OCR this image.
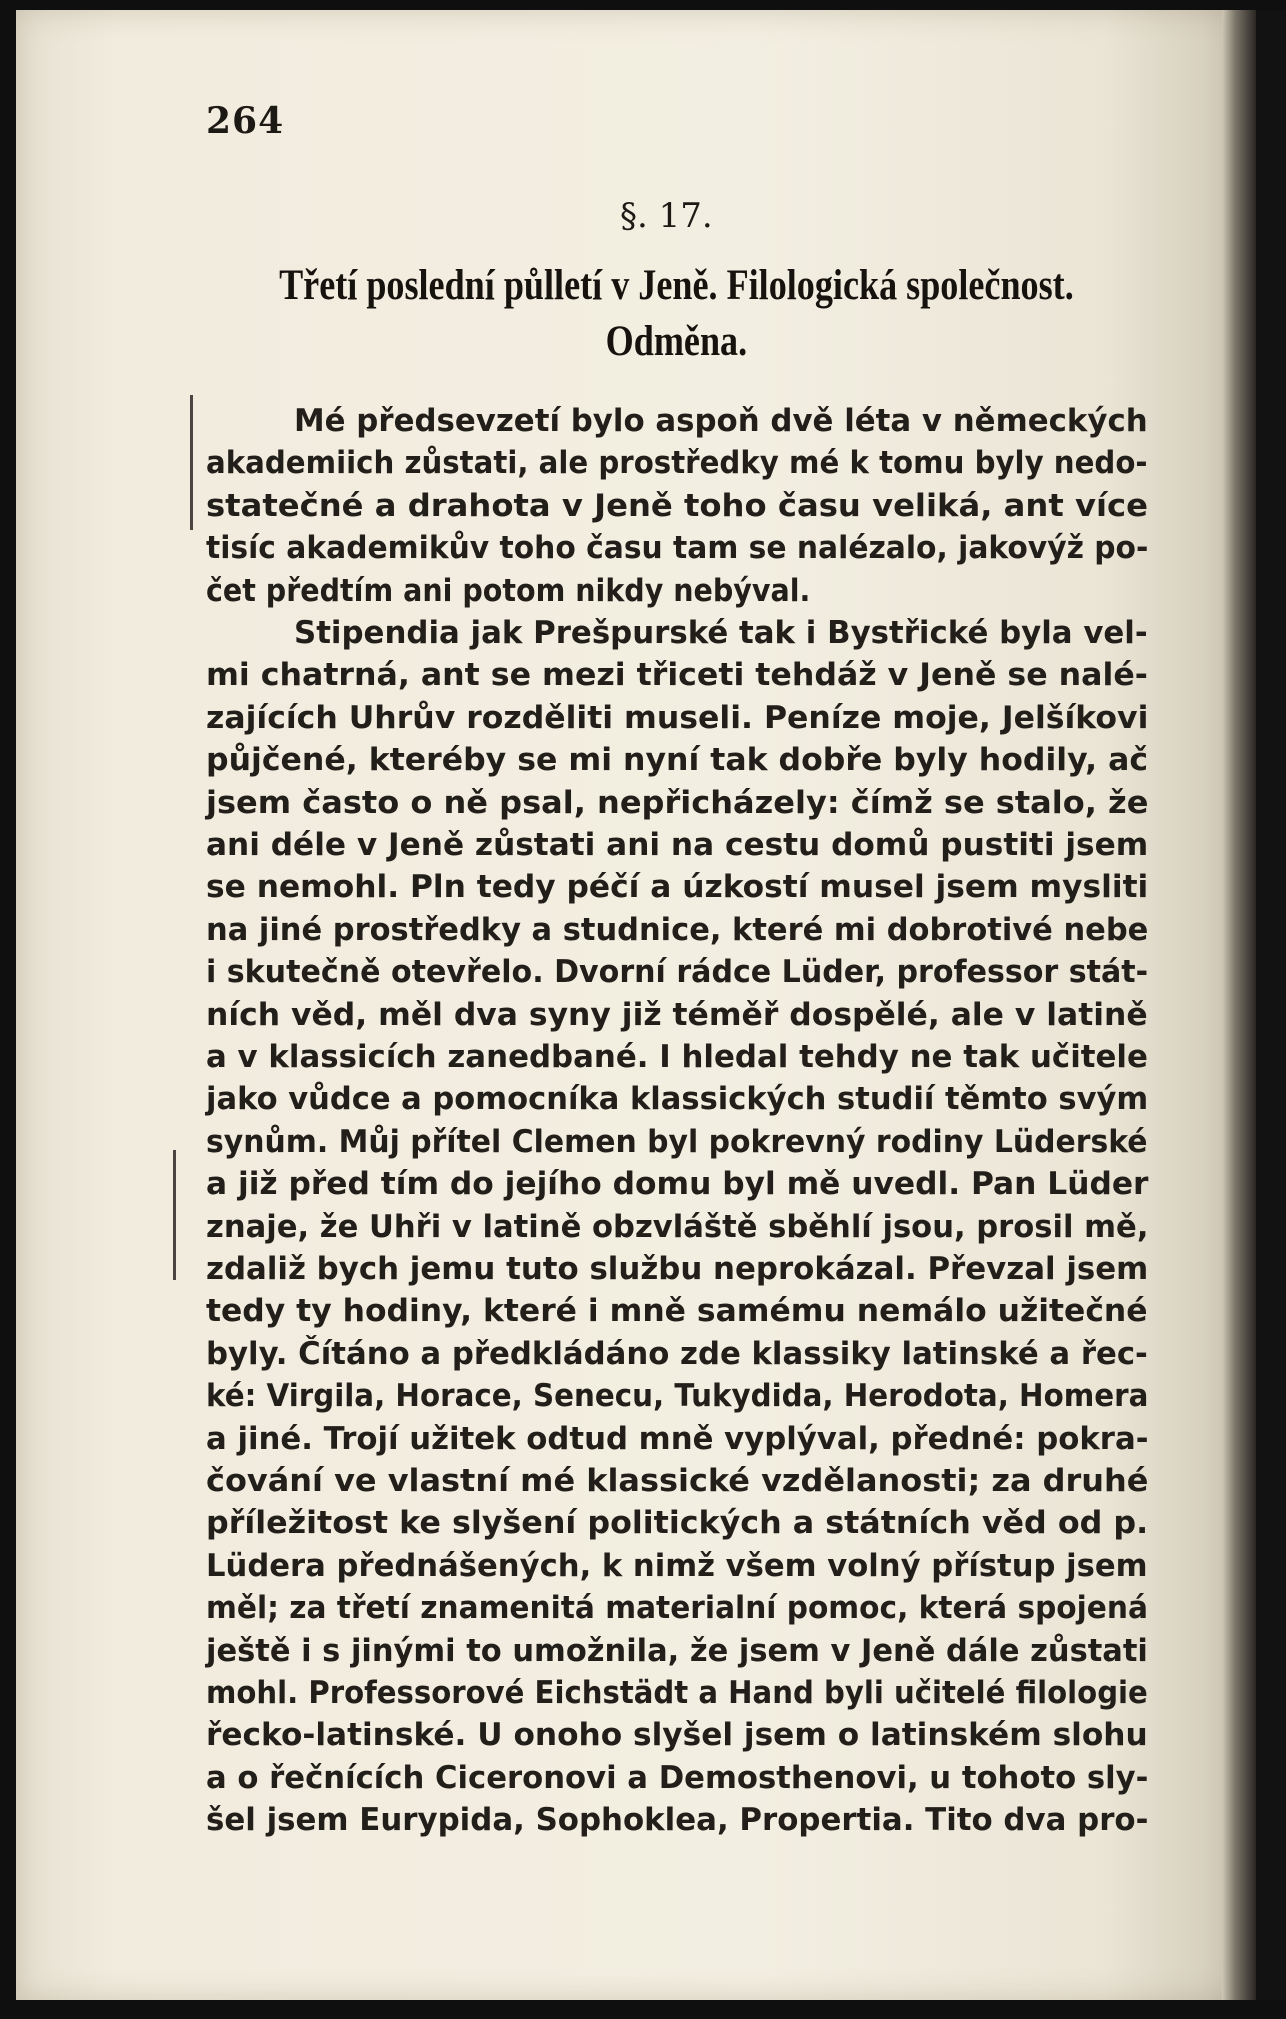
264
§. 17.
Třetí poslední půlletí v Jeně. Filologická společnost.
Odměna.
Mé předsevzetí bylo aspoň dvě léta v německých
akademiich zůstati, ale prostředky mé k tomu byly nedo-
statečné a drahota v Jeně toho času veliká, ant více
tisíc akademikův toho času tam se nalézalo, jakovýž po-
čet předtím ani potom nikdy nebýval.
Stipendia jak Prešpurské tak i Bystřické byla vel-
mi chatrná, ant se mezi třiceti tehdáž v Jeně se nalé-
zajících Uhrův rozděliti museli. Peníze moje, Jelšíkovi
půjčené, kteréby se mi nyní tak dobře byly hodily, ač
jsem často o ně psal, nepřicházely: čímž se stalo, že
ani déle v Jeně zůstati ani na cestu domů pustiti jsem
se nemohl. Pln tedy péčí a úzkostí musel jsem mysliti
na jiné prostředky a studnice, které mi dobrotivé nebe
i skutečně otevřelo. Dvorní rádce Lüder, professor stát-
ních věd, měl dva syny již téměř dospělé, ale v latině
a v klassicích zanedbané. I hledal tehdy ne tak učitele
jako vůdce a pomocníka klassických studií těmto svým
synům. Můj přítel Clemen byl pokrevný rodiny Lüderské
a již před tím do jejího domu byl mě uvedl. Pan Lüder
znaje, že Uhři v latině obzvláště sběhlí jsou, prosil mě,
zdaliž bych jemu tuto službu neprokázal. Převzal jsem
tedy ty hodiny, které i mně samému nemálo užitečné
byly. Čítáno a předkládáno zde klassiky latinské a řec-
ké: Virgila, Horace, Senecu, Tukydida, Herodota, Homera
a jiné. Trojí užitek odtud mně vyplýval, předné: pokra-
čování ve vlastní mé klassické vzdělanosti; za druhé
příležitost ke slyšení politických a státních věd od p.
Lüdera přednášených, k nimž všem volný přístup jsem
měl; za třetí znamenitá materialní pomoc, která spojená
ještě i s jinými to umožnila, že jsem v Jeně dále zůstati
mohl. Professorové Eichstädt a Hand byli učitelé filologie
řecko-latinské. U onoho slyšel jsem o latinském slohu
a o řečnících Ciceronovi a Demosthenovi, u tohoto sly-
šel jsem Eurypida, Sophoklea, Propertia. Tito dva pro-
